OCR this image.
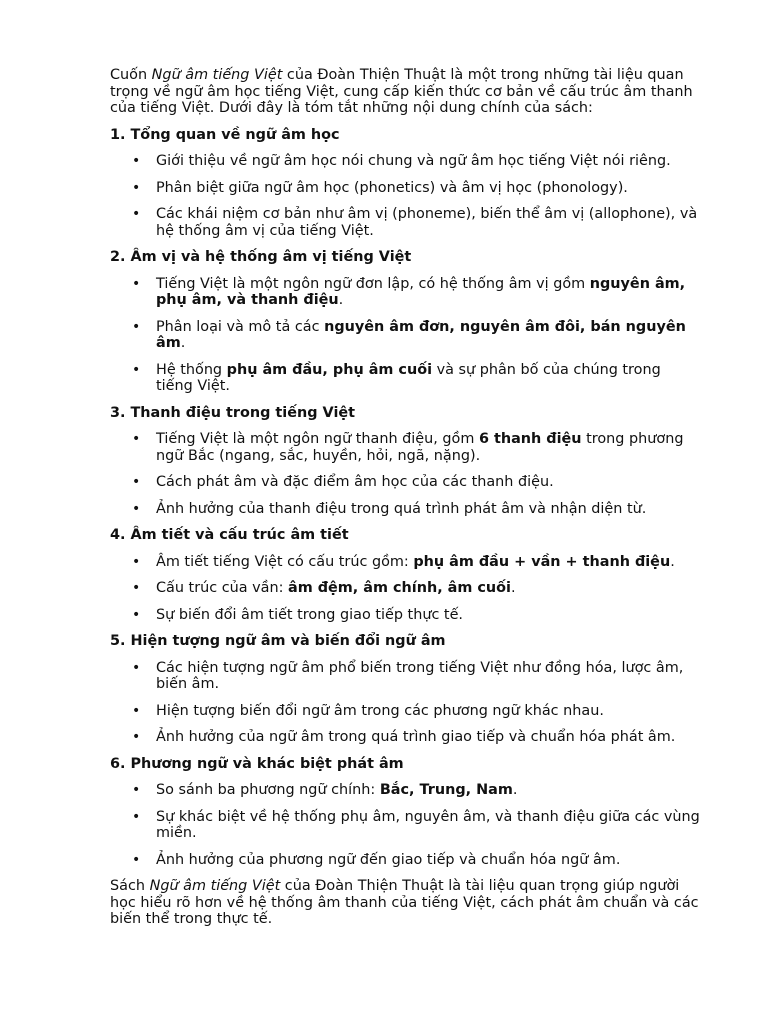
Cuốn Ngữ âm tiếng Việt của Đoàn Thiện Thuật là một trong những tài liệu quan trọng về ngữ âm học tiếng Việt, cung cấp kiến thức cơ bản về cấu trúc âm thanh của tiếng Việt. Dưới đây là tóm tắt những nội dung chính của sách:

1. Tổng quan về ngữ âm học
• Giới thiệu về ngữ âm học nói chung và ngữ âm học tiếng Việt nói riêng.
• Phân biệt giữa ngữ âm học (phonetics) và âm vị học (phonology).
• Các khái niệm cơ bản như âm vị (phoneme), biến thể âm vị (allophone), và hệ thống âm vị của tiếng Việt.
2. Âm vị và hệ thống âm vị tiếng Việt
• Tiếng Việt là một ngôn ngữ đơn lập, có hệ thống âm vị gồm nguyên âm, phụ âm, và thanh điệu.
• Phân loại và mô tả các nguyên âm đơn, nguyên âm đôi, bán nguyên âm.
• Hệ thống phụ âm đầu, phụ âm cuối và sự phân bố của chúng trong tiếng Việt.
3. Thanh điệu trong tiếng Việt
• Tiếng Việt là một ngôn ngữ thanh điệu, gồm 6 thanh điệu trong phương ngữ Bắc (ngang, sắc, huyền, hỏi, ngã, nặng).
• Cách phát âm và đặc điểm âm học của các thanh điệu.
• Ảnh hưởng của thanh điệu trong quá trình phát âm và nhận diện từ.
4. Âm tiết và cấu trúc âm tiết
• Âm tiết tiếng Việt có cấu trúc gồm: phụ âm đầu + vần + thanh điệu.
• Cấu trúc của vần: âm đệm, âm chính, âm cuối.
• Sự biến đổi âm tiết trong giao tiếp thực tế.
5. Hiện tượng ngữ âm và biến đổi ngữ âm
• Các hiện tượng ngữ âm phổ biến trong tiếng Việt như đồng hóa, lược âm, biến âm.
• Hiện tượng biến đổi ngữ âm trong các phương ngữ khác nhau.
• Ảnh hưởng của ngữ âm trong quá trình giao tiếp và chuẩn hóa phát âm.
6. Phương ngữ và khác biệt phát âm
• So sánh ba phương ngữ chính: Bắc, Trung, Nam.
• Sự khác biệt về hệ thống phụ âm, nguyên âm, và thanh điệu giữa các vùng miền.
• Ảnh hưởng của phương ngữ đến giao tiếp và chuẩn hóa ngữ âm.

Sách Ngữ âm tiếng Việt của Đoàn Thiện Thuật là tài liệu quan trọng giúp người học hiểu rõ hơn về hệ thống âm thanh của tiếng Việt, cách phát âm chuẩn và các biến thể trong thực tế.
